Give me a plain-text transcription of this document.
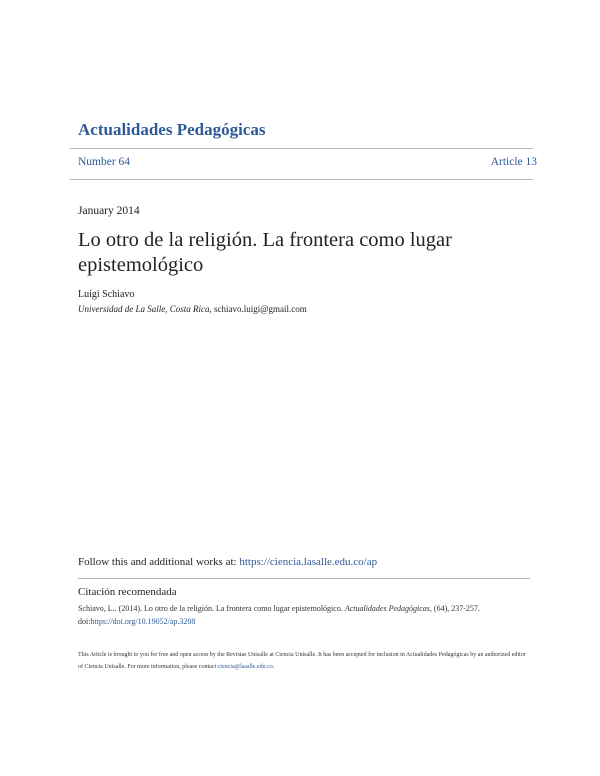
Actualidades Pedagógicas
Number 64	Article 13
January 2014
Lo otro de la religión. La frontera como lugar epistemológico
Luigi Schiavo
Universidad de La Salle, Costa Rica, schiavo.luigi@gmail.com
Follow this and additional works at: https://ciencia.lasalle.edu.co/ap
Citación recomendada
Schiavo, L.. (2014). Lo otro de la religión. La frontera como lugar epistemológico. Actualidades Pedagógicas, (64), 237-257.
doi:https://doi.org/10.19052/ap.3208
This Article is brought to you for free and open access by the Revistas Unisalle at Ciencia Unisalle. It has been accepted for inclusion in Actualidades Pedagógicas by an authorized editor of Ciencia Unisalle. For more information, please contact ciencia@lasalle.edu.co.
